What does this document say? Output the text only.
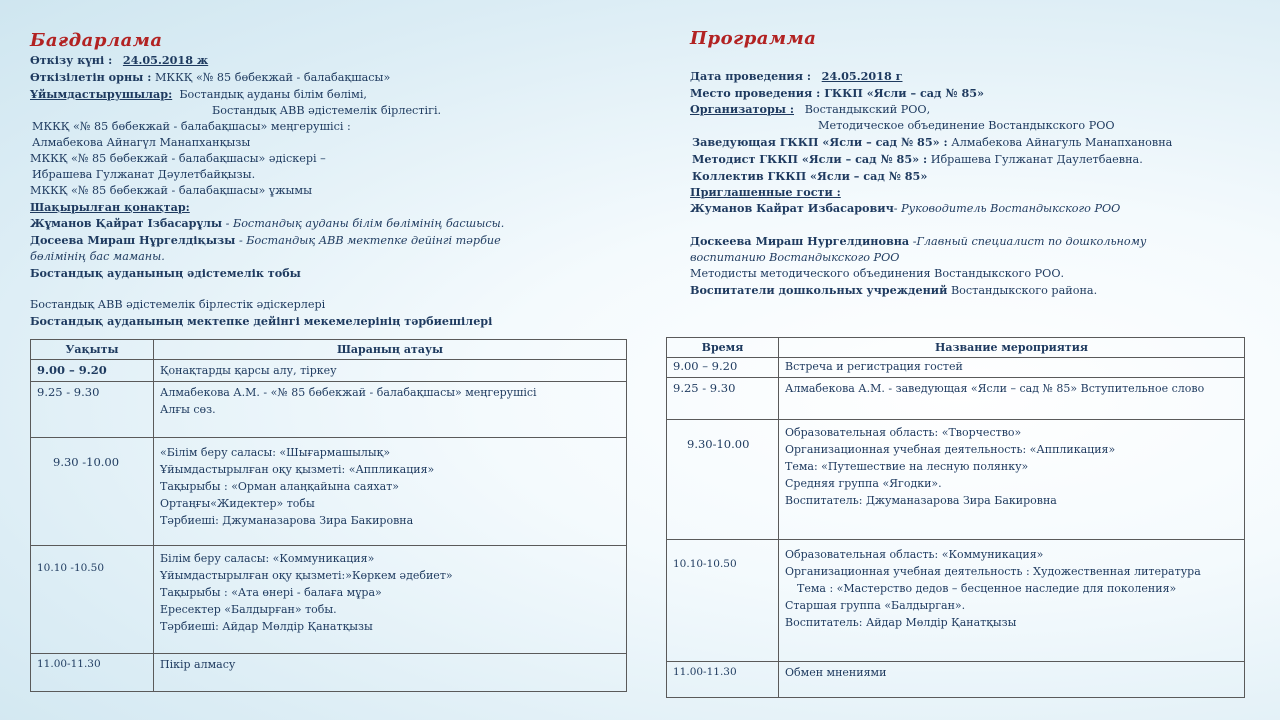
Бағдарлама
Өткізу күні : 24.05.2018 ж
Өткізілетін орны : МККҚ «№ 85 бөбекжай - балабақшасы»
Ұйымдастырушылар: Бостандық ауданы білім бөлімі,
Бостандық АВВ әдістемелік бірлестігі.
МККҚ «№ 85 бөбекжай - балабақшасы» меңгерушісі :
Алмабекова Айнагүл Манапханқызы
МККҚ «№ 85 бөбекжай - балабақшасы» әдіскері –
Ибрашева Гулжанат Дәулетбайқызы.
МККҚ «№ 85 бөбекжай - балабақшасы» ұжымы
Шақырылған қонақтар:
Жұманов Қайрат Ізбасарұлы - Бостандық ауданы білім бөлімінің басшысы.
Досеева Мираш Нұргелдіқызы - Бостандық АВВ мектепке дейінгі тәрбие
бөлімінің бас маманы.
Бостандық ауданының әдістемелік тобы
Бостандық АВВ әдістемелік бірлестік әдіскерлері
Бостандық ауданының мектепке дейінгі мекемелерінің тәрбиешілері
Уақыты	Шараның атауы
9.00 – 9.20	Қонақтарды қарсы алу, тіркеу

9.25 - 9.30	Алмабекова А.М. - «№ 85 бөбекжай - балабақшасы» меңгерушісі
Алғы сөз.

9.30 -10.00	«Білім беру саласы: «Шығармашылық»
Ұйымдастырылған оқу қызметі: «Аппликация»
Тақырыбы : «Орман алаңқайына саяхат»
Ортаңғы«Жидектер» тобы
Тәрбиеші: Джуманазарова Зира Бакировна

10.10 -10.50	Білім беру саласы: «Коммуникация»
Ұйымдастырылған оқу қызметі:»Көркем әдебиет»
Тақырыбы : «Ата өнері - балаға мұра»
Ересектер «Балдырған» тобы.
Тәрбиеші: Айдар Мөлдір Қанатқызы

11.00-11.30	Пікір алмасу
Программа
Дата проведения : 24.05.2018 г
Место проведения : ГККП «Ясли – сад № 85»
Организаторы : Востандыкский РОО,
Методическое объединение Востандыкского РОО
Заведующая ГККП «Ясли – сад № 85» : Алмабекова Айнагуль Манапхановна
Методист ГККП «Ясли – сад № 85» : Ибрашева Гулжанат Даулетбаевна.
Коллектив ГККП «Ясли – сад № 85»
Приглашенные гости :
Жуманов Кайрат Избасарович- Руководитель Востандыкского РОО
Доскеева Мираш Нургелдиновна -Главный специалист по дошкольному
воспитанию Востандыкского РОО
Методисты методического объединения Востандыкского РОО.
Воспитатели дошкольных учреждений Востандыкского района.
Время	Название мероприятия
9.00 – 9.20	Встреча и регистрация гостей

9.25 - 9.30	Алмабекова А.М. - заведующая «Ясли – сад № 85» Вступительное слово

9.30-10.00	Образовательная область: «Творчество»
Организационная учебная деятельность: «Аппликация»
Тема: «Путешествие на лесную полянку»
Средняя группа «Ягодки».
Воспитатель: Джуманазарова Зира Бакировна

10.10-10.50	Образовательная область: «Коммуникация»
Организационная учебная деятельность : Художественная литература
Тема : «Мастерство дедов – бесценное наследие для поколения»
Старшая группа «Балдырган».
Воспитатель: Айдар Мөлдір Қанатқызы

11.00-11.30	Обмен мнениями
